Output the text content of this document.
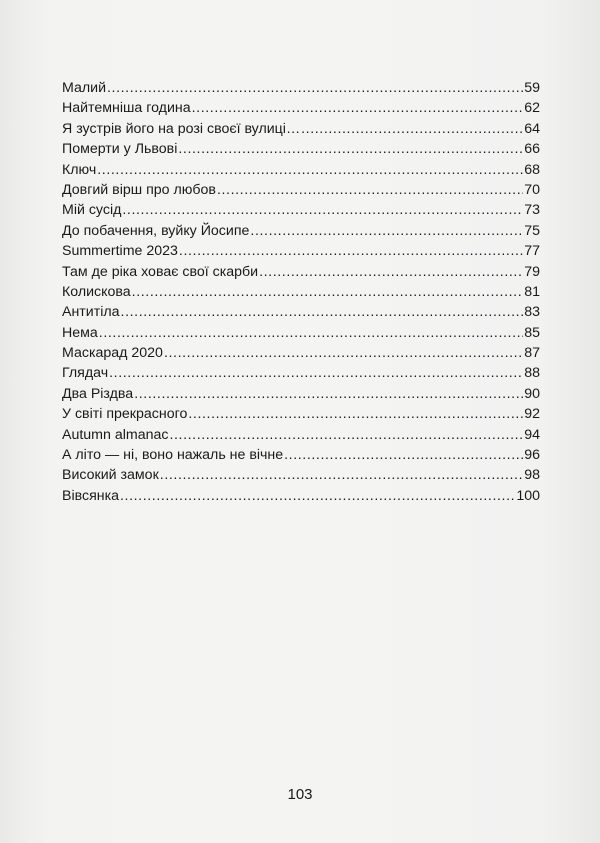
Малий .....	59
Найтемніша година .....	62
Я зустрів його на розі своєї вулиці… .....	64
Померти у Львові .....	66
Ключ .....	68
Довгий вірш про любов .....	70
Мій сусід .....	73
До побачення, вуйку Йосипе .....	75
Summertime 2023 .....	77
Там де ріка ховає свої скарби .....	79
Колискова .....	81
Антитіла .....	83
Нема .....	85
Маскарад 2020 .....	87
Глядач .....	88
Два Різдва .....	90
У світі прекрасного .....	92
Autumn almanac .....	94
А літо — ні, воно нажаль не вічне .....	96
Високий замок .....	98
Вівсянка .....	100
103
